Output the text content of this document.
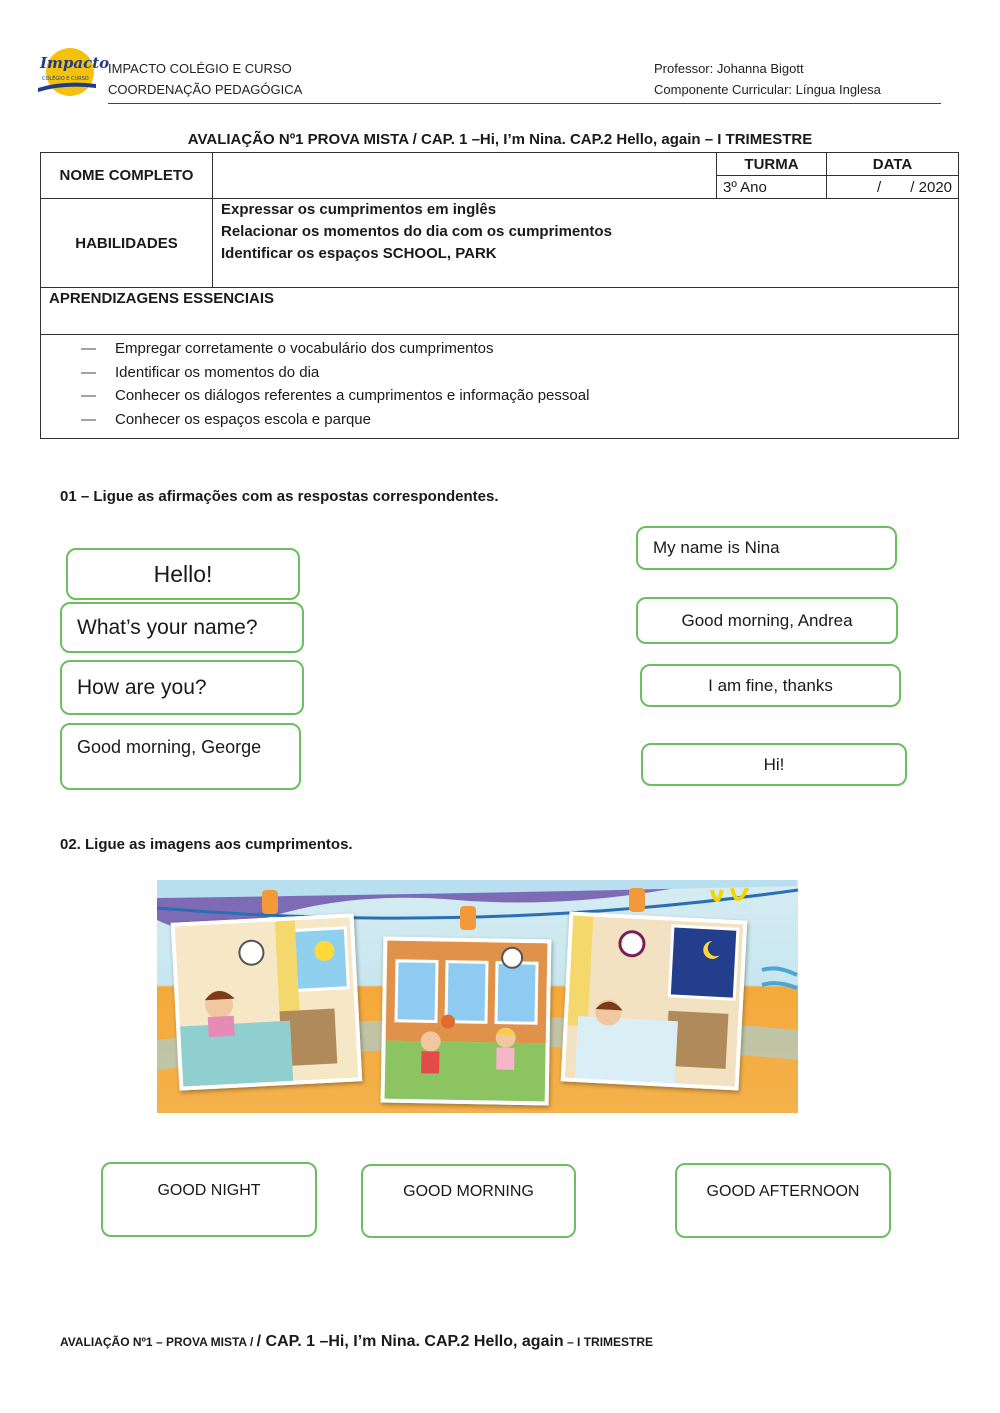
Impacto
COLÉGIO E CURSO
IMPACTO COLÉGIO E CURSO
COORDENAÇÃO PEDAGÓGICA
Professor: Johanna Bigott
Componente Curricular: Língua Inglesa
AVALIAÇÃO Nº1 PROVA MISTA / CAP. 1 –Hi, I’m Nina. CAP.2 Hello, again – I TRIMESTRE
NOME COMPLETO		TURMA	DATA
		3º Ano	/       / 2020
HABILIDADES	Expressar os cumprimentos em inglês
Relacionar os momentos do dia com os cumprimentos
Identificar os espaços SCHOOL, PARK		

APRENDIZAGENS ESSENCIAIS			

— Empregar corretamente o vocabulário dos cumprimentos
— Identificar os momentos do dia
— Conhecer os diálogos referentes a cumprimentos e informação pessoal
— Conhecer os espaços escola e parque			
01 – Ligue as afirmações com as respostas correspondentes.
Hello!
What’s your name?
How are you?
Good morning, George
My name is Nina
Good morning, Andrea
I am fine, thanks
Hi!
02. Ligue as imagens aos cumprimentos.
GOOD NIGHT	GOOD MORNING	GOOD AFTERNOON
AVALIAÇÃO Nº1 – PROVA MISTA / / CAP. 1 –Hi, I’m Nina. CAP.2 Hello, again – I TRIMESTRE
